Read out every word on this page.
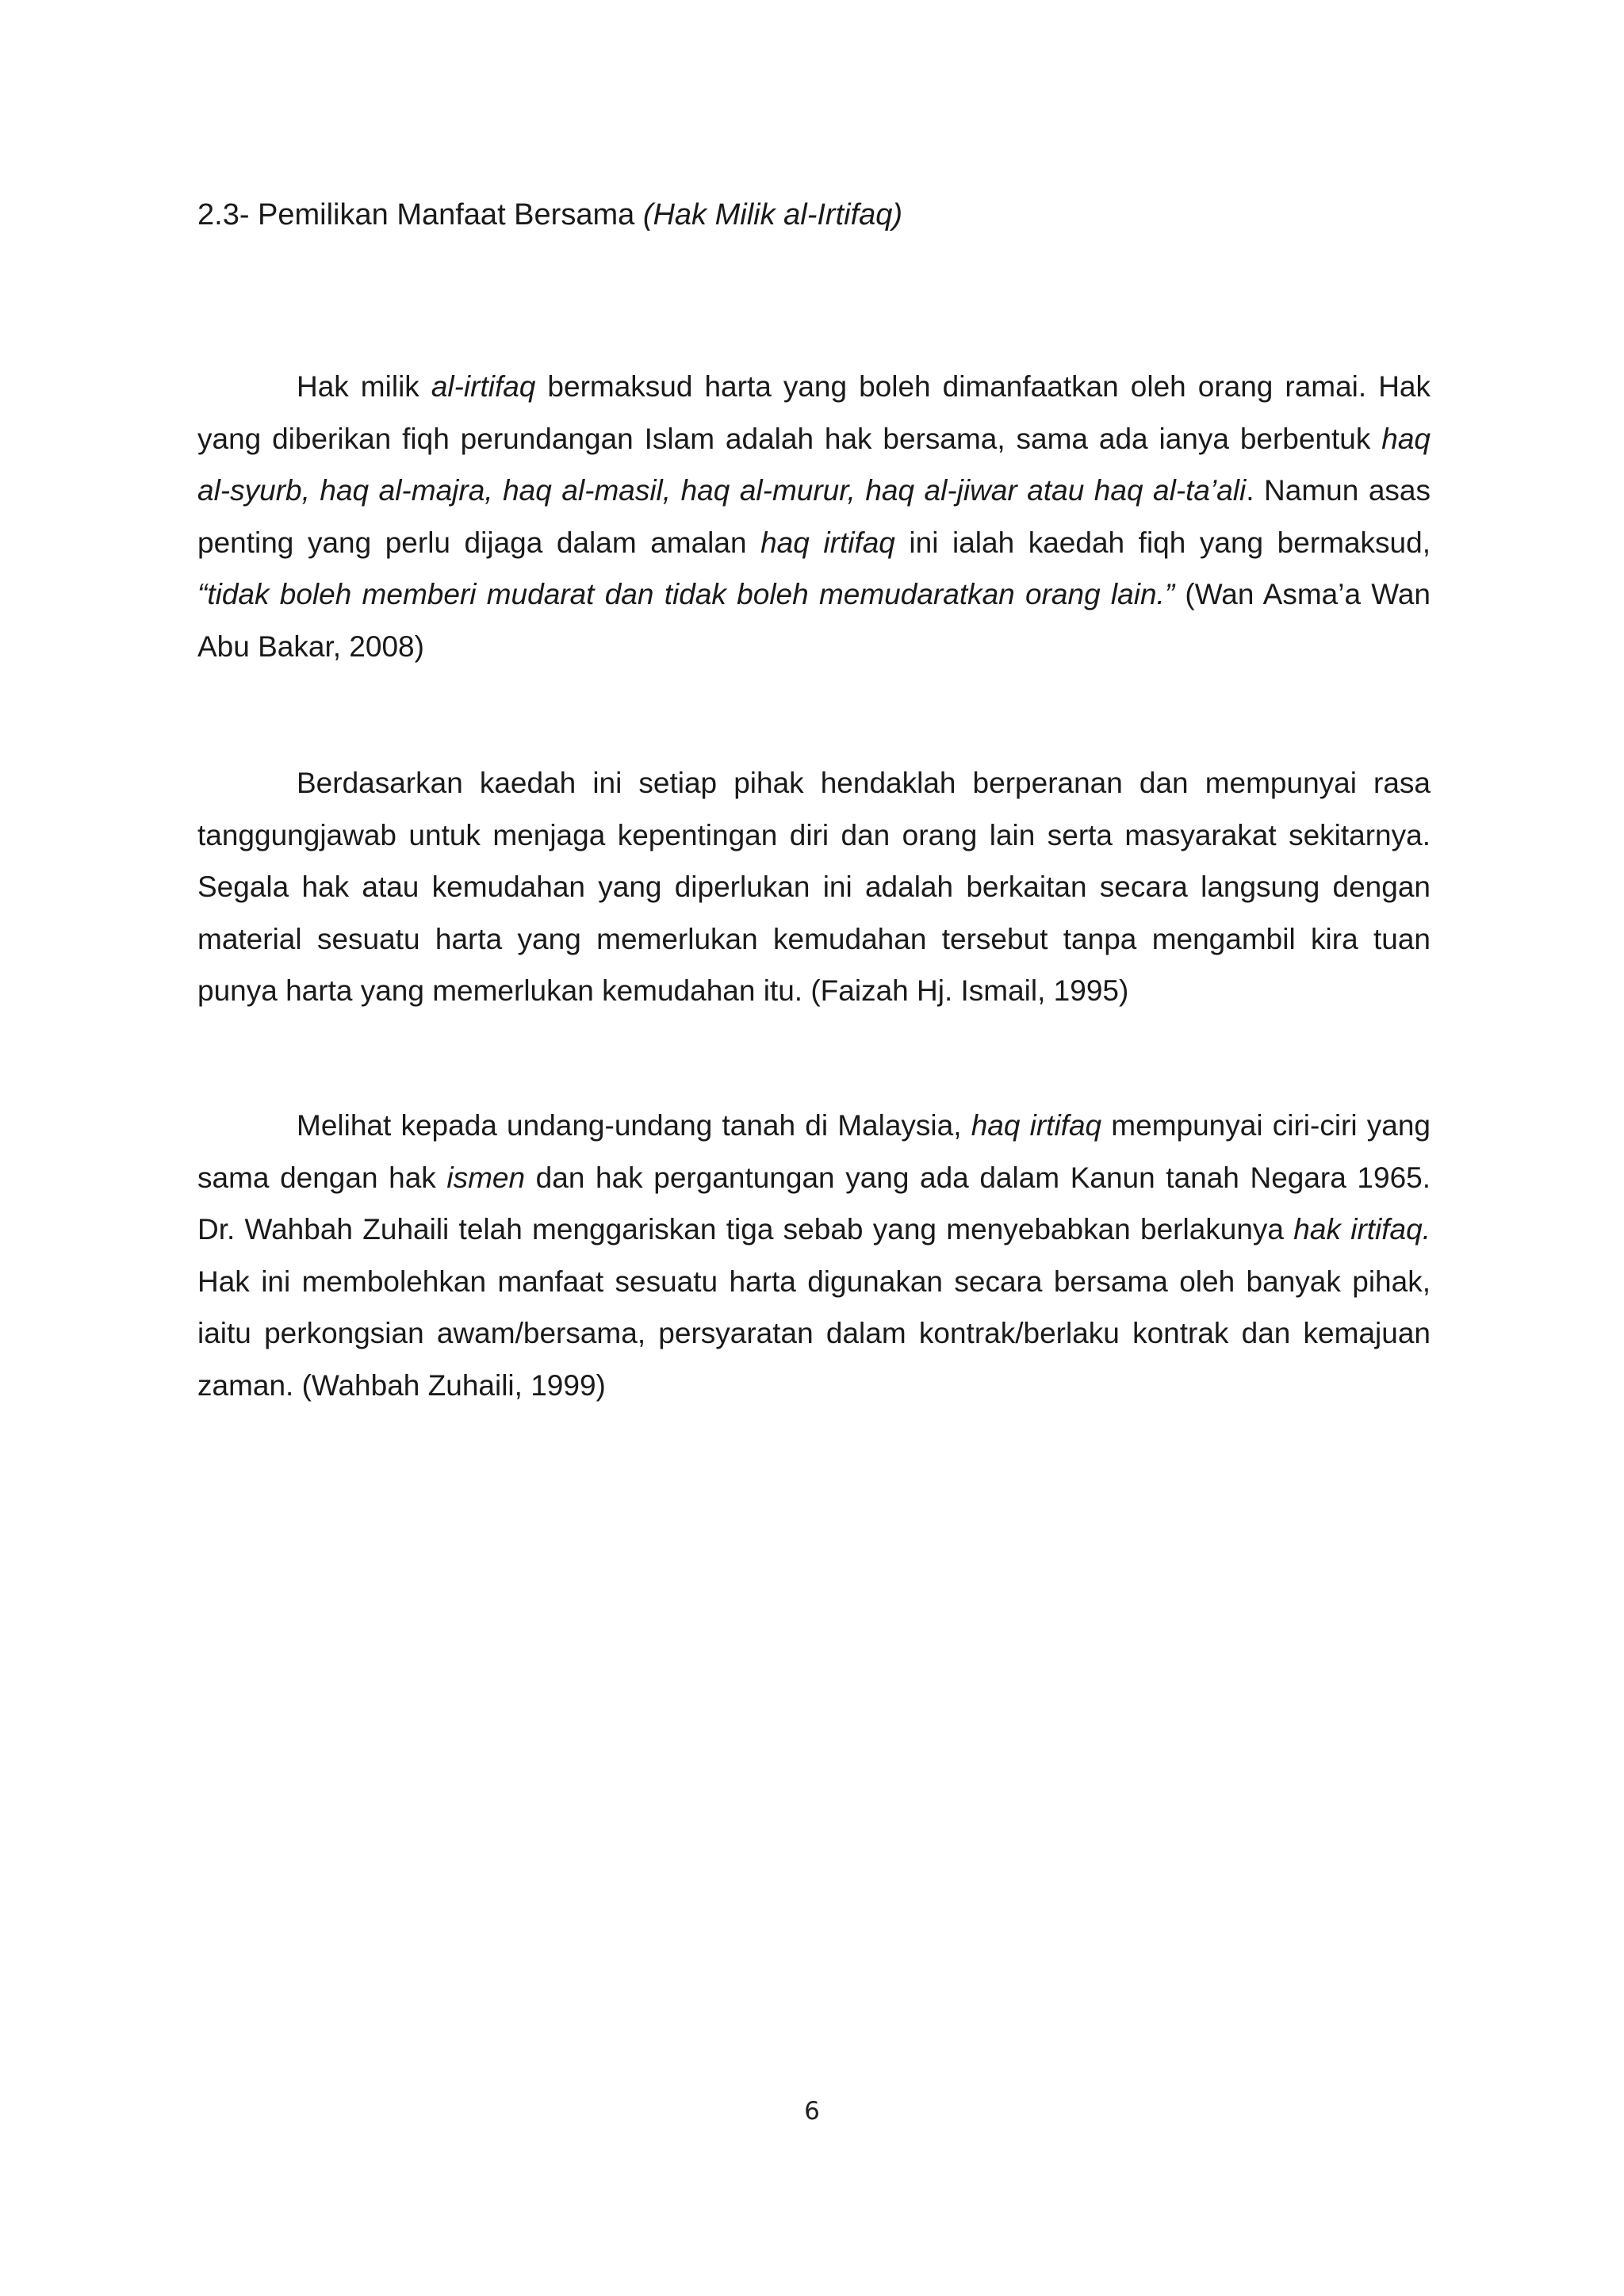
2.3- Pemilikan Manfaat Bersama (Hak Milik al-Irtifaq)

Hak milik al-irtifaq bermaksud harta yang boleh dimanfaatkan oleh orang ramai. Hak yang diberikan fiqh perundangan Islam adalah hak bersama, sama ada ianya berbentuk haq al-syurb, haq al-majra, haq al-masil, haq al-murur, haq al-jiwar atau haq al-ta’ali. Namun asas penting yang perlu dijaga dalam amalan haq irtifaq ini ialah kaedah fiqh yang bermaksud, “tidak boleh memberi mudarat dan tidak boleh memudaratkan orang lain.” (Wan Asma’a Wan Abu Bakar, 2008)

Berdasarkan kaedah ini setiap pihak hendaklah berperanan dan mempunyai rasa tanggungjawab untuk menjaga kepentingan diri dan orang lain serta masyarakat sekitarnya. Segala hak atau kemudahan yang diperlukan ini adalah berkaitan secara langsung dengan material sesuatu harta yang memerlukan kemudahan tersebut tanpa mengambil kira tuan punya harta yang memerlukan kemudahan itu. (Faizah Hj. Ismail, 1995)

Melihat kepada undang-undang tanah di Malaysia, haq irtifaq mempunyai ciri-ciri yang sama dengan hak ismen dan hak pergantungan yang ada dalam Kanun tanah Negara 1965. Dr. Wahbah Zuhaili telah menggariskan tiga sebab yang menyebabkan berlakunya hak irtifaq. Hak ini membolehkan manfaat sesuatu harta digunakan secara bersama oleh banyak pihak, iaitu perkongsian awam/bersama, persyaratan dalam kontrak/berlaku kontrak dan kemajuan zaman. (Wahbah Zuhaili, 1999)

6
